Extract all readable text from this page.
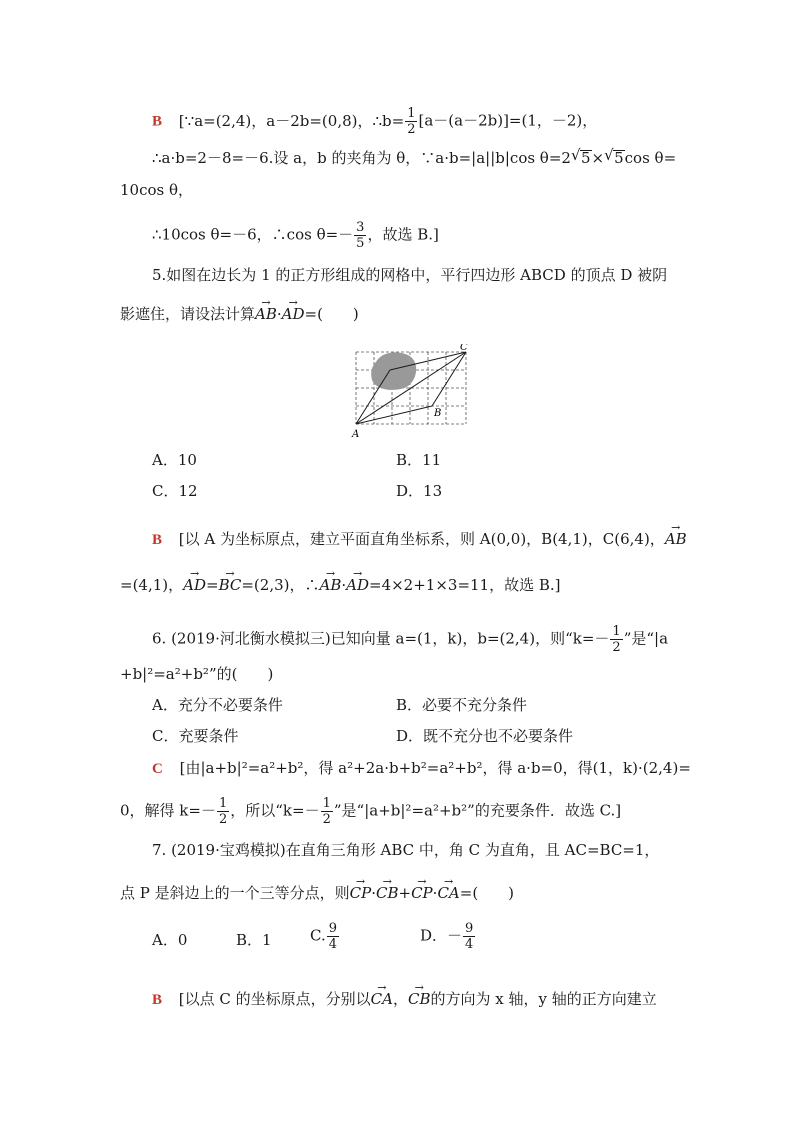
B [∵a=(2,4)，a－2b=(0,8)，∴b= $\frac{1}{2} [a-(a-2b)]=(1$，－2)，
∴a·b=2－8=－6.设 a，b 的夹角为 θ，∵a·b=|a||b|cos θ=2 √ 5× √ 5cos θ=
10cos θ，
∴10cos θ=－6，∴cos $\theta=- \frac{3}{5}$ ，故选 B.]
5.如图在边长为 1 的正方形组成的网格中，平行四边形 ABCD 的顶点 D 被阴
影遮住，请设法计算→ AB·→ AD=(　　)
A
B
C
A．10	B．11
C．12	D．13
B [以 A 为坐标原点，建立平面直角坐标系，则 A(0,0)，B(4,1)，C(6,4)，→ AB
=(4,1)，→ AD=→ BC=(2,3)，∴→ AB·→ AD=4×2+1×3=11，故选 B.]
6. (2019·河北衡水模拟三)已知向量 a=(1，k)，b=(2,4)，则“$k=- \frac{1}{2}$ ”是“|a
+b|²=a²+b²”的(　　)
A．充分不必要条件	B．必要不充分条件
C．充要条件	D．既不充分也不必要条件
C [由|a+b|²=a²+b²，得 a²+2a·b+b²=a²+b²，得 a·b=0，得(1，k)·(2,4)=
0，解得 $k=- \frac{1}{2}$ ，所以“$k=- \frac{1}{2}$ ”是“|a+b|²=a²+b²”的充要条件．故选 C.]
7. (2019·宝鸡模拟)在直角三角形 ABC 中，角 C 为直角，且 AC=BC=1，
点 P 是斜边上的一个三等分点，则→ CP·→ CB+→ CP·→ CA=(　　)
A．0	B．1	C. $\frac{9}{4}$	D．－ $\frac{9}{4}$
B [以点 C 的坐标原点，分别以→ CA，→ CB的方向为 x 轴，y 轴的正方向建立
